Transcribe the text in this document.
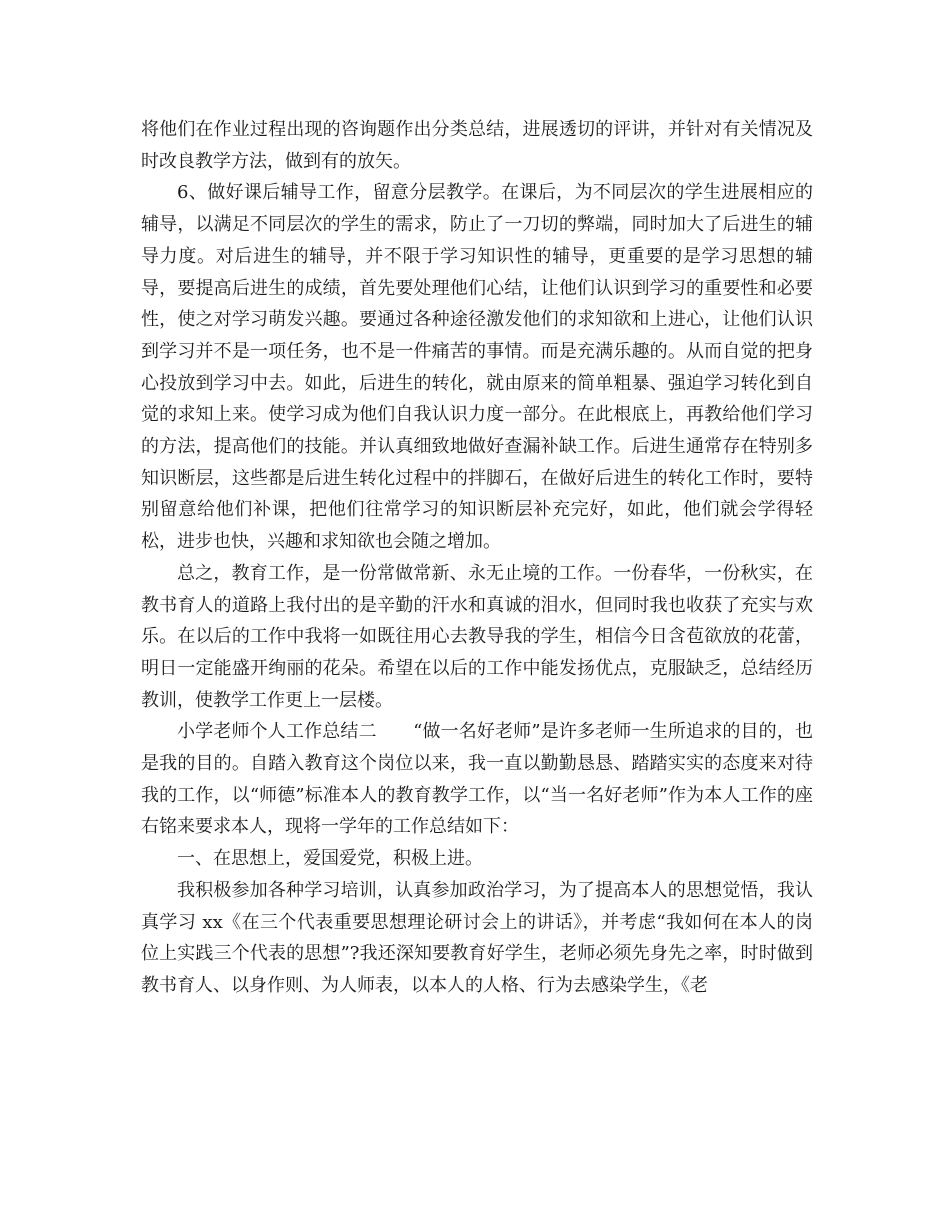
将他们在作业过程出现的咨询题作出分类总结，进展透切的评讲，并针对有关情况及时改良教学方法，做到有的放矢。

6、做好课后辅导工作，留意分层教学。在课后，为不同层次的学生进展相应的辅导，以满足不同层次的学生的需求，防止了一刀切的弊端，同时加大了后进生的辅导力度。对后进生的辅导，并不限于学习知识性的辅导，更重要的是学习思想的辅导，要提高后进生的成绩，首先要处理他们心结，让他们认识到学习的重要性和必要性，使之对学习萌发兴趣。要通过各种途径激发他们的求知欲和上进心，让他们认识到学习并不是一项任务，也不是一件痛苦的事情。而是充满乐趣的。从而自觉的把身心投放到学习中去。如此，后进生的转化，就由原来的简单粗暴、强迫学习转化到自觉的求知上来。使学习成为他们自我认识力度一部分。在此根底上，再教给他们学习的方法，提高他们的技能。并认真细致地做好查漏补缺工作。后进生通常存在特别多知识断层，这些都是后进生转化过程中的拌脚石，在做好后进生的转化工作时，要特别留意给他们补课，把他们往常学习的知识断层补充完好，如此，他们就会学得轻松，进步也快，兴趣和求知欲也会随之增加。

总之，教育工作，是一份常做常新、永无止境的工作。一份春华，一份秋实，在教书育人的道路上我付出的是辛勤的汗水和真诚的泪水，但同时我也收获了充实与欢乐。在以后的工作中我将一如既往用心去教导我的学生，相信今日含苞欲放的花蕾，明日一定能盛开绚丽的花朵。希望在以后的工作中能发扬优点，克服缺乏，总结经历教训，使教学工作更上一层楼。

小学老师个人工作总结二　　“做一名好老师”是许多老师一生所追求的目的，也是我的目的。自踏入教育这个岗位以来，我一直以勤勤恳恳、踏踏实实的态度来对待我的工作，以“师德”标准本人的教育教学工作，以“当一名好老师”作为本人工作的座右铭来要求本人，现将一学年的工作总结如下：

一、在思想上，爱国爱党，积极上进。

我积极参加各种学习培训，认真参加政治学习，为了提高本人的思想觉悟，我认真学习 xx《在三个代表重要思想理论研讨会上的讲话》，并考虑“我如何在本人的岗位上实践三个代表的思想”?我还深知要教育好学生，老师必须先身先之率，时时做到教书育人、以身作则、为人师表，以本人的人格、行为去感染学生，《老
